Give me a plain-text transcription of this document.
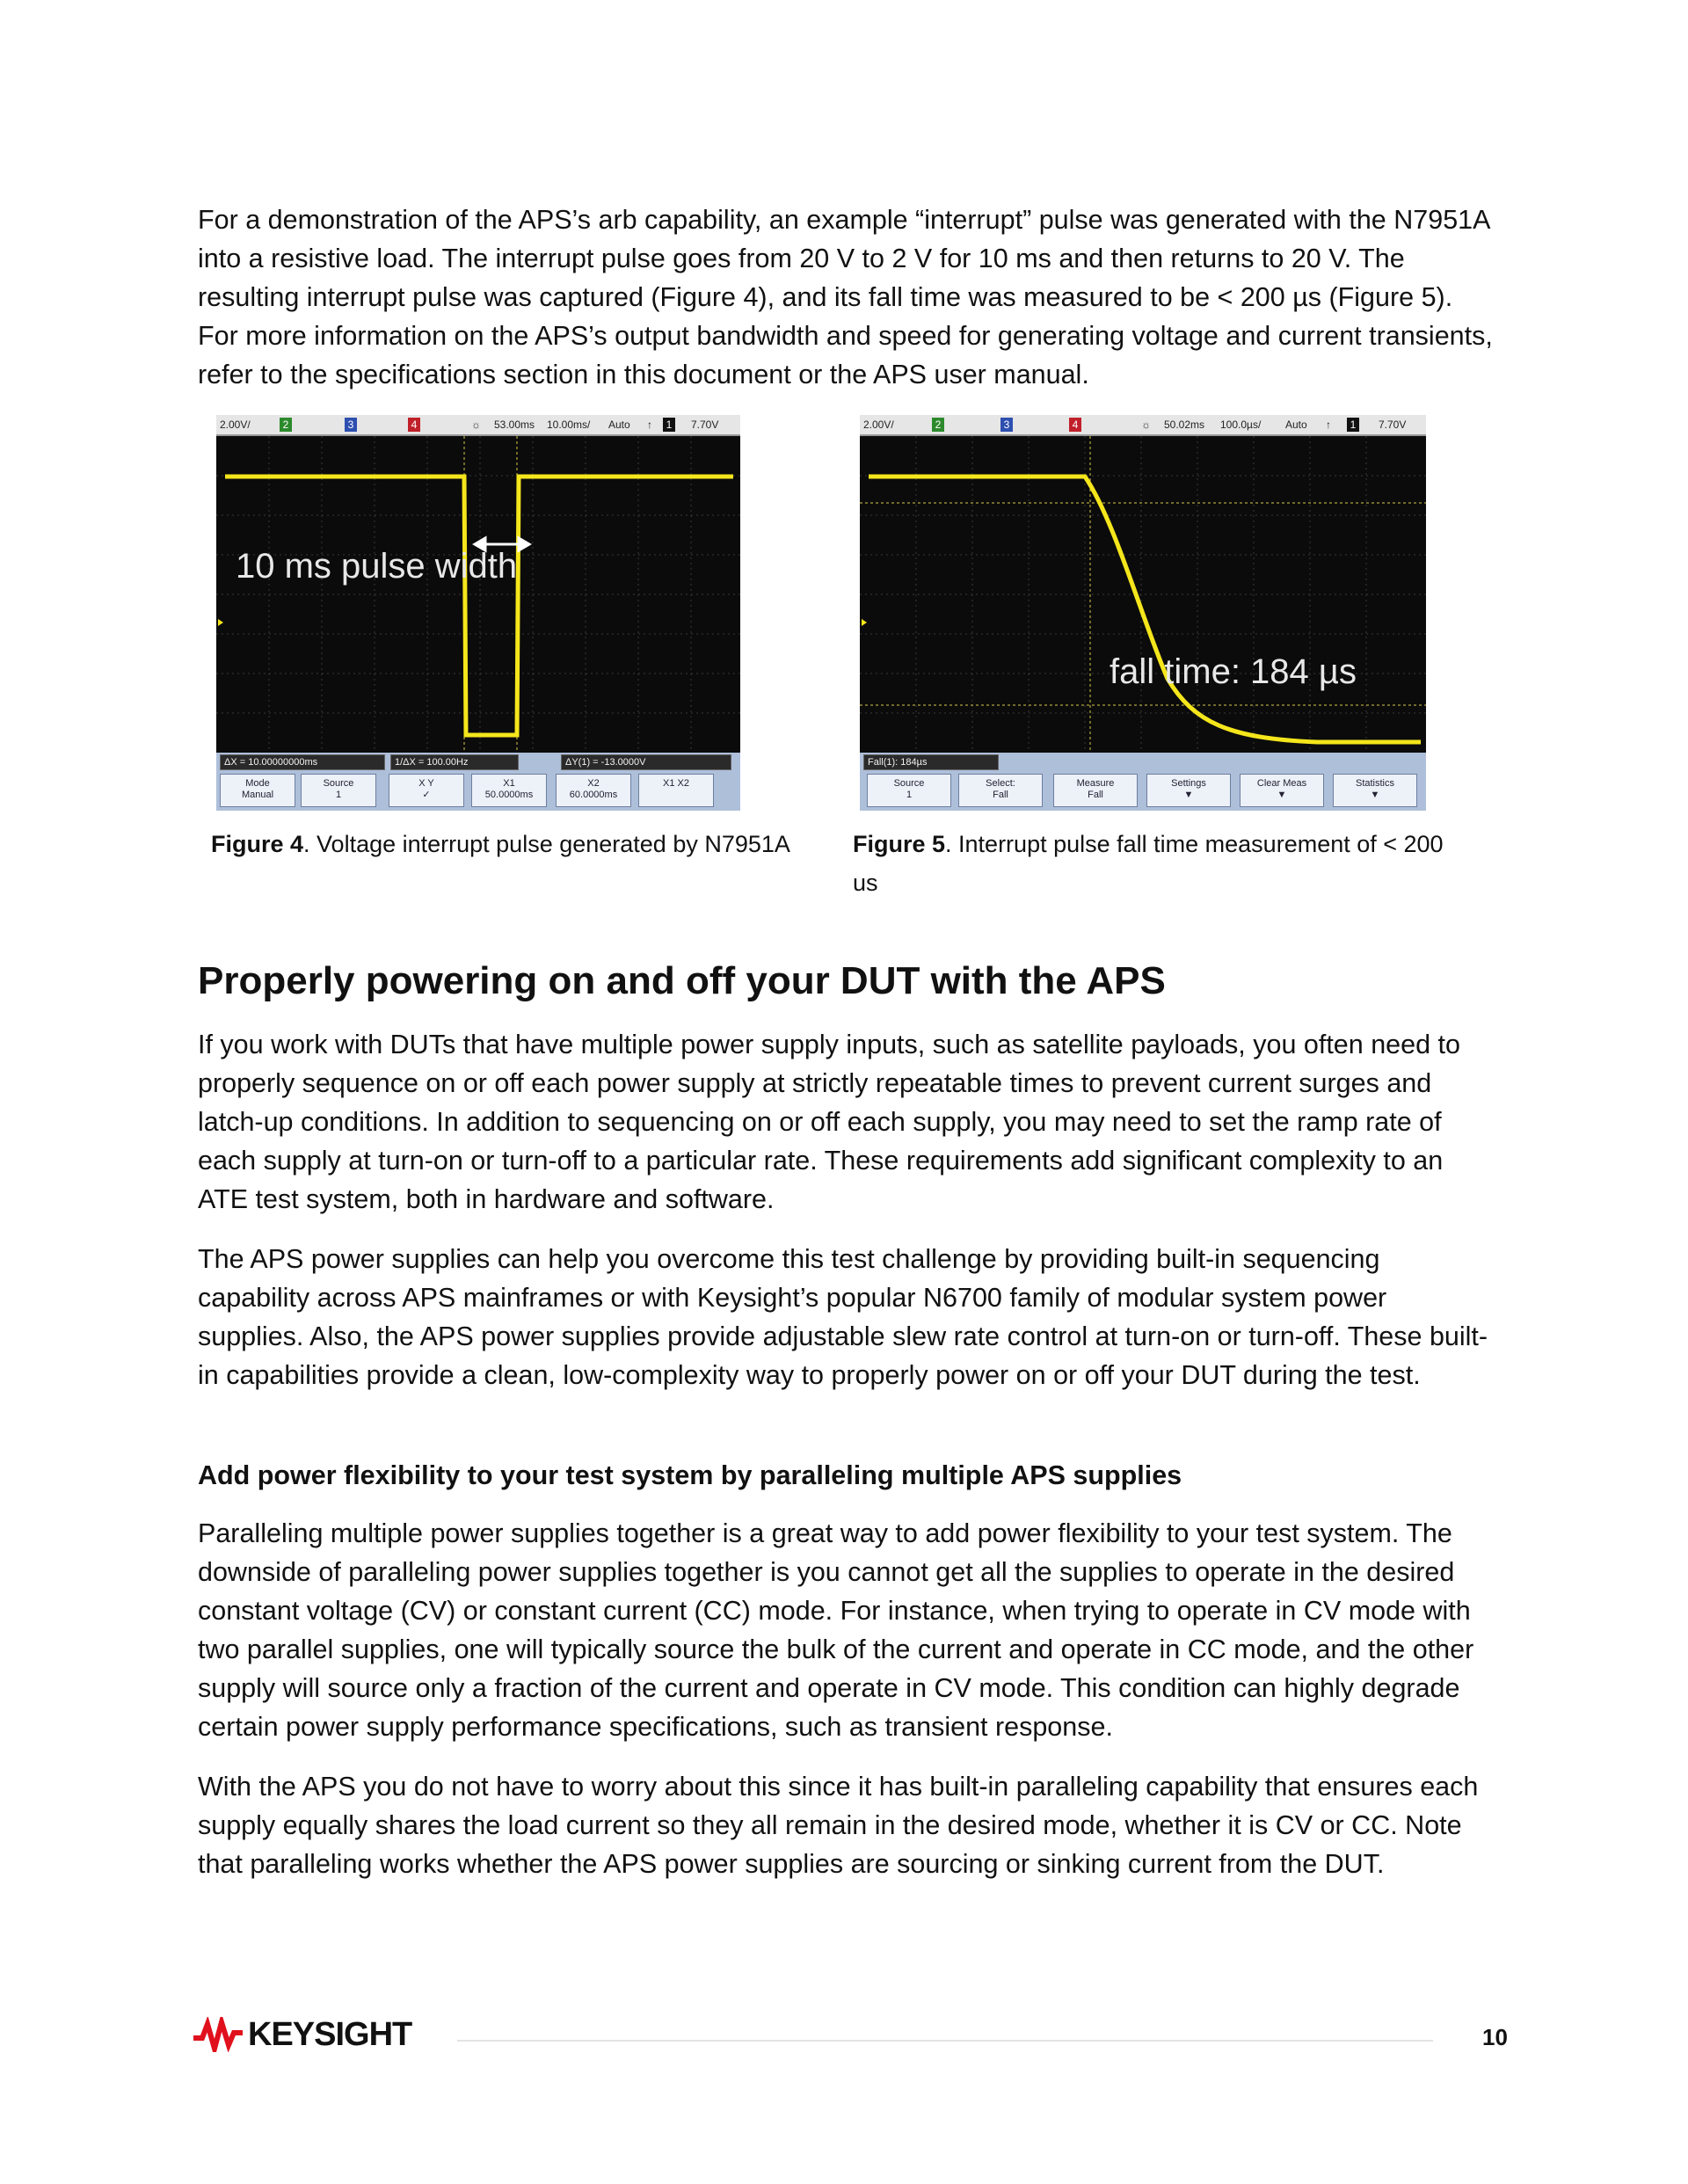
For a demonstration of the APS’s arb capability, an example “interrupt” pulse was generated with the N7951A into a resistive load. The interrupt pulse goes from 20 V to 2 V for 10 ms and then returns to 20 V. The resulting interrupt pulse was captured (Figure 4), and its fall time was measured to be < 200 µs (Figure 5). For more information on the APS’s output bandwidth and speed for generating voltage and current transients, refer to the specifications section in this document or the APS user manual.

2.00V/	2	3	4	☼ 53.00ms 10.00ms/ Auto ↑	1	7.70V
10 ms pulse width
ΔX = 10.00000000ms	1/ΔX = 100.00Hz	ΔY(1) = -13.0000V
Mode
Manual
Source
1
X Y
✓
X1
50.0000ms
X2
60.0000ms
X1 X2
2.00V/	2	3	4	☼ 50.02ms 100.0µs/ Auto ↑	1	7.70V
fall time: 184 µs
Fall(1): 184µs
Source
1
Select:
Fall
Measure
Fall
Settings
▼
Clear Meas
▼
Statistics
▼

Figure 4. Voltage interrupt pulse generated by N7951A	Figure 5. Interrupt pulse fall time measurement of < 200 us

Properly powering on and off your DUT with the APS

If you work with DUTs that have multiple power supply inputs, such as satellite payloads, you often need to properly sequence on or off each power supply at strictly repeatable times to prevent current surges and latch-up conditions. In addition to sequencing on or off each supply, you may need to set the ramp rate of each supply at turn-on or turn-off to a particular rate. These requirements add significant complexity to an ATE test system, both in hardware and software.

The APS power supplies can help you overcome this test challenge by providing built-in sequencing capability across APS mainframes or with Keysight’s popular N6700 family of modular system power supplies. Also, the APS power supplies provide adjustable slew rate control at turn-on or turn-off. These built-in capabilities provide a clean, low-complexity way to properly power on or off your DUT during the test.

Add power flexibility to your test system by paralleling multiple APS supplies

Paralleling multiple power supplies together is a great way to add power flexibility to your test system. The downside of paralleling power supplies together is you cannot get all the supplies to operate in the desired constant voltage (CV) or constant current (CC) mode. For instance, when trying to operate in CV mode with two parallel supplies, one will typically source the bulk of the current and operate in CC mode, and the other supply will source only a fraction of the current and operate in CV mode. This condition can highly degrade certain power supply performance specifications, such as transient response.

With the APS you do not have to worry about this since it has built-in paralleling capability that ensures each supply equally shares the load current so they all remain in the desired mode, whether it is CV or CC. Note that paralleling works whether the APS power supplies are sourcing or sinking current from the DUT.

KEYSIGHT	10
